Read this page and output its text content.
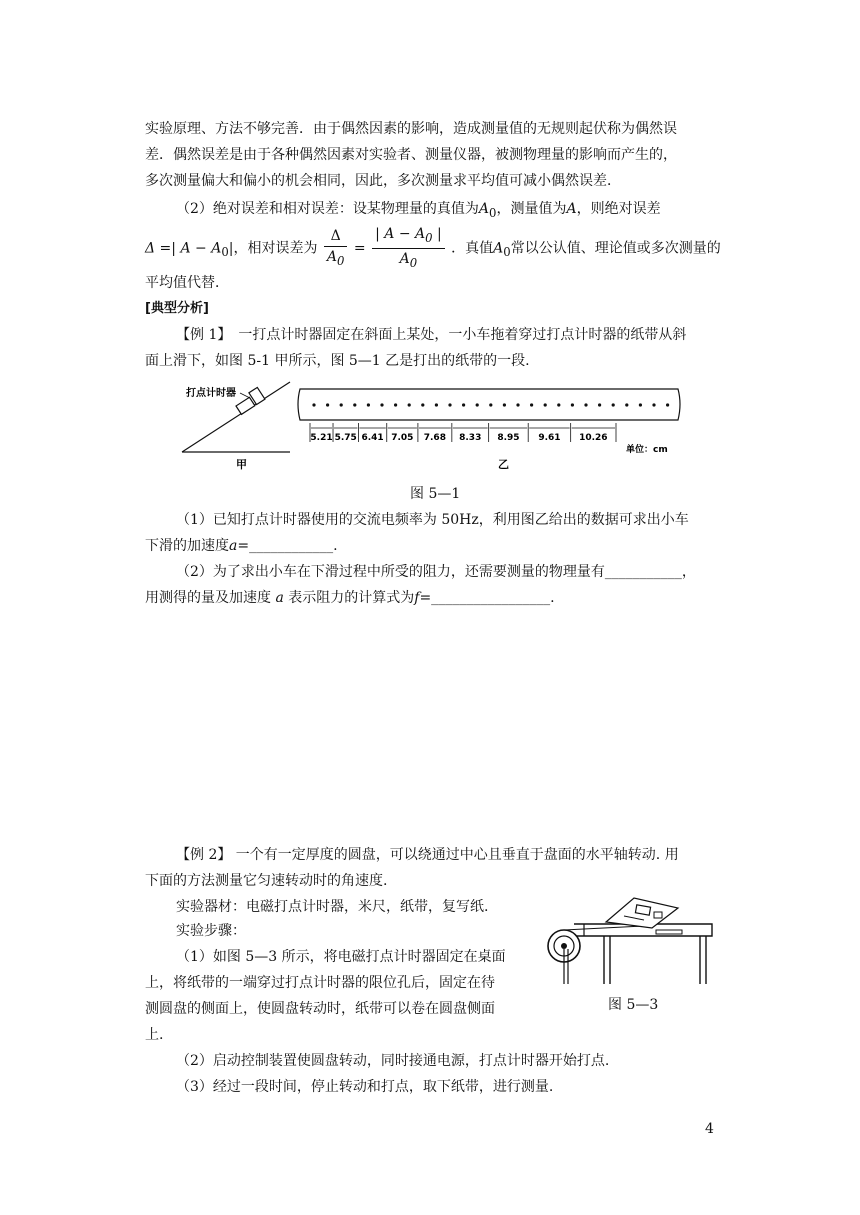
实验原理、方法不够完善．由于偶然因素的影响，造成测量值的无规则起伏称为偶然误
差．偶然误差是由于各种偶然因素对实验者、测量仪器，被测物理量的影响而产生的，
多次测量偏大和偏小的机会相同，因此，多次测量求平均值可减小偶然误差．
（2）绝对误差和相对误差：设某物理量的真值为$A_0$，测量值为A，则绝对误差
Δ =| $A - A_0|$，相对误差为 $\frac{\Delta}{A_0} = \frac{| A - A_0 |}{A_0}$ ．真值$A_0$常以公认值、理论值或多次测量的
平均值代替．
[典型分析]
【例 1】　一打点计时器固定在斜面上某处，一小车拖着穿过打点计时器的纸带从斜
面上滑下，如图 5-1 甲所示，图 5—1 乙是打出的纸带的一段.
打点计时器
甲
5.21 5.75 6.41 7.05 7.68 8.33 8.95 9.61 10.26
乙
单位：cm
图 5—1
（1）已知打点计时器使用的交流电频率为 50Hz，利用图乙给出的数据可求出小车
下滑的加速度a=____________.
（2）为了求出小车在下滑过程中所受的阻力，还需要测量的物理量有___________，
用测得的量及加速度 a 表示阻力的计算式为f=_________________.
【例 2】 一个有一定厚度的圆盘，可以绕通过中心且垂直于盘面的水平轴转动. 用
下面的方法测量它匀速转动时的角速度.
实验器材：电磁打点计时器，米尺，纸带，复写纸.
实验步骤：
（1）如图 5—3 所示，将电磁打点计时器固定在桌面
上，将纸带的一端穿过打点计时器的限位孔后，固定在待
测圆盘的侧面上，使圆盘转动时，纸带可以卷在圆盘侧面
上.
（2）启动控制装置使圆盘转动，同时接通电源，打点计时器开始打点.
（3）经过一段时间，停止转动和打点，取下纸带，进行测量.
图 5—3
4
